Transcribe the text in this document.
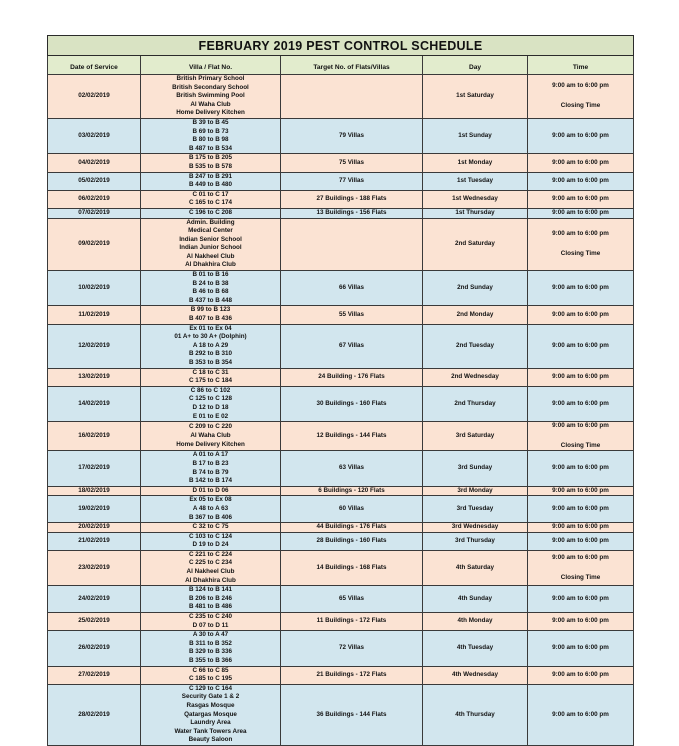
FEBRUARY 2019 PEST CONTROL SCHEDULE				
Date of Service	Villa / Flat No.	Target No. of Flats/Villas	Day	Time
02/02/2019	British Primary School
British Secondary School
British Swimming Pool
Al Waha Club
Home Delivery Kitchen		1st Saturday	9:00 am to 6:00 pm
Closing Time

03/02/2019	B 39 to B 45
B 69 to B 73
B 80 to B 98
B 487 to B 534	79 Villas	1st Sunday	9:00 am to 6:00 pm
04/02/2019	B 175 to B 205
B 535 to B 578	75 Villas	1st Monday	9:00 am to 6:00 pm
05/02/2019	B 247 to B 291
B 449 to B 480	77 Villas	1st Tuesday	9:00 am to 6:00 pm
06/02/2019	C 01 to C 17
C 165 to C 174	27 Buildings - 188 Flats	1st Wednesday	9:00 am to 6:00 pm
07/02/2019	C 196 to C 208	13 Buildings - 156 Flats	1st Thursday	9:00 am to 6:00 pm
09/02/2019	
Admin. Building
Medical Center
Indian Senior School
Indian Junior School
Al Nakheel Club
Al Dhakhira Club
		2nd Saturday	
9:00 am to 6:00 pm
Closing Time

10/02/2019	B 01 to B 16
B 24 to B 38
B 46 to B 68
B 437 to B 448	66 Villas	2nd Sunday	9:00 am to 6:00 pm
11/02/2019	B 99 to B 123
B 407 to B 436	55 Villas	2nd Monday	9:00 am to 6:00 pm
12/02/2019	Ex 01 to Ex 04
01 A+ to 30 A+ (Dolphin)
A 18 to A 29
B 292 to B 310
B 353 to B 354	67 Villas	2nd Tuesday	9:00 am to 6:00 pm
13/02/2019	C 18 to C 31
C 175 to C 184	24 Building - 176 Flats	2nd Wednesday	9:00 am to 6:00 pm
14/02/2019	C 86 to C 102
C 125 to C 128
D 12 to D 18
E 01 to E 02	30 Buildings - 160 Flats	2nd Thursday	9:00 am to 6:00 pm
16/02/2019	C 209 to C 220
Al Waha Club
Home Delivery Kitchen	12 Buildings - 144 Flats	3rd Saturday	9:00 am to 6:00 pm
Closing Time

17/02/2019	A 01 to A 17
B 17 to B 23
B 74 to B 79
B 142 to B 174	63 Villas	3rd Sunday	9:00 am to 6:00 pm
18/02/2019	D 01 to D 06	6 Buildings - 120 Flats	3rd Monday	9:00 am to 6:00 pm
19/02/2019	Ex 05 to Ex 08
A 48 to A 63
B 367 to B 406	60 Villas	3rd Tuesday	9:00 am to 6:00 pm
20/02/2019	C 32 to C 75	44 Buildings - 176 Flats	3rd Wednesday	9:00 am to 6:00 pm
21/02/2019	C 103 to C 124
D 19 to D 24	28 Buildings - 160 Flats	3rd Thursday	9:00 am to 6:00 pm
23/02/2019	C 221 to C 224
C 225 to C 234
Al Nakheel Club
Al Dhakhira Club	14 Buildings - 168 Flats	4th Saturday	9:00 am to 6:00 pm
Closing Time

24/02/2019	B 124 to B 141
B 206 to B 246
B 481 to B 486	65 Villas	4th Sunday	9:00 am to 6:00 pm
25/02/2019	C 235 to C 240
D 07 to D 11	11 Buildings - 172 Flats	4th Monday	9:00 am to 6:00 pm
26/02/2019	A 30 to A 47
B 311 to B 352
B 329 to B 336
B 355 to B 366	72 Villas	4th Tuesday	9:00 am to 6:00 pm
27/02/2019	C 66 to C 85
C 185 to C 195	21 Buildings - 172 Flats	4th Wednesday	9:00 am to 6:00 pm
28/02/2019	
C 129 to C 164
Security Gate 1 & 2
Rasgas Mosque
Qatargas Mosque
Laundry Area
Water Tank Towers Area
Beauty Saloon
	36 Buildings - 144 Flats	4th Thursday	9:00 am to 6:00 pm
